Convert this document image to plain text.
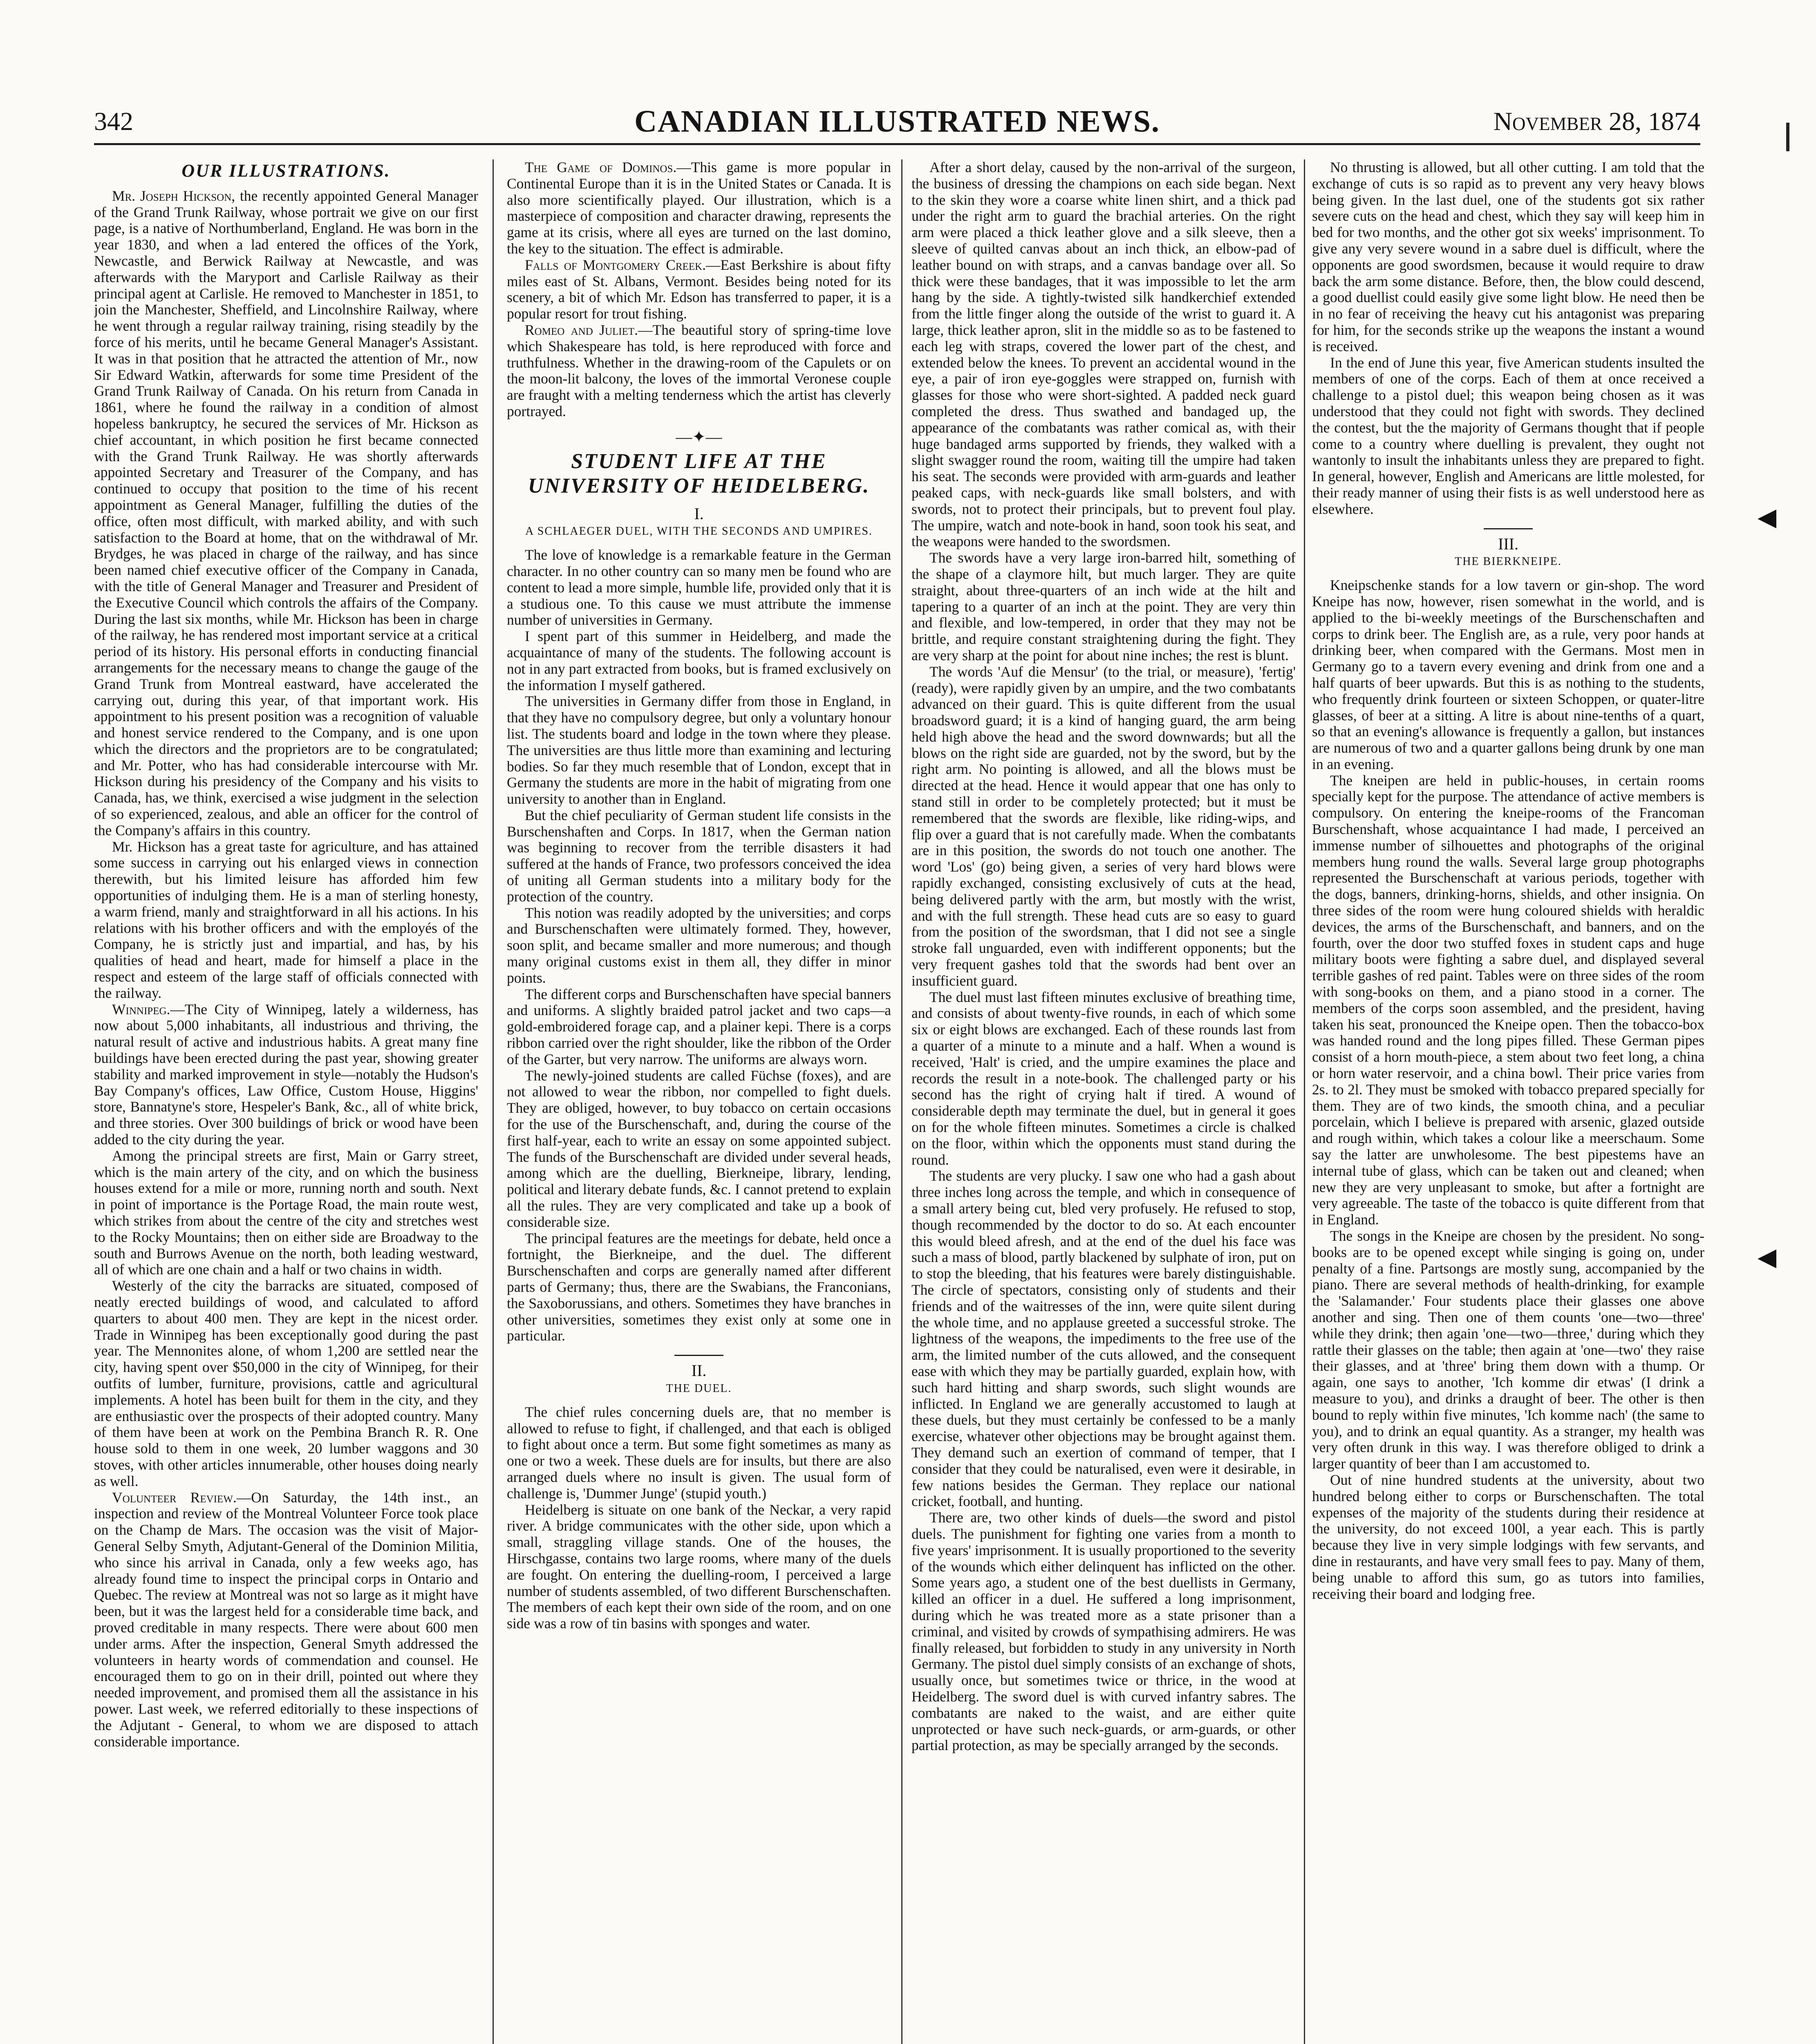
342	CANADIAN ILLUSTRATED NEWS.	November 28, 1874
OUR ILLUSTRATIONS.

Mr. Joseph Hickson, the recently appointed General Manager of the Grand Trunk Railway, whose portrait we give on our first page, is a native of Northumberland, England. He was born in the year 1830, and when a lad entered the offices of the York, Newcastle, and Berwick Railway at Newcastle, and was afterwards with the Maryport and Carlisle Railway as their principal agent at Carlisle. He removed to Manchester in 1851, to join the Manchester, Sheffield, and Lincolnshire Railway, where he went through a regular railway training, rising steadily by the force of his merits, until he became General Manager's Assistant. It was in that position that he attracted the attention of Mr., now Sir Edward Watkin, afterwards for some time President of the Grand Trunk Railway of Canada. On his return from Canada in 1861, where he found the railway in a condition of almost hopeless bankruptcy, he secured the services of Mr. Hickson as chief accountant, in which position he first became connected with the Grand Trunk Railway. He was shortly afterwards appointed Secretary and Treasurer of the Company, and has continued to occupy that position to the time of his recent appointment as General Manager, fulfilling the duties of the office, often most difficult, with marked ability, and with such satisfaction to the Board at home, that on the withdrawal of Mr. Brydges, he was placed in charge of the railway, and has since been named chief executive officer of the Company in Canada, with the title of General Manager and Treasurer and President of the Executive Council which controls the affairs of the Company. During the last six months, while Mr. Hickson has been in charge of the railway, he has rendered most important service at a critical period of its history. His personal efforts in conducting financial arrangements for the necessary means to change the gauge of the Grand Trunk from Montreal eastward, have accelerated the carrying out, during this year, of that important work. His appointment to his present position was a recognition of valuable and honest service rendered to the Company, and is one upon which the directors and the proprietors are to be congratulated; and Mr. Potter, who has had considerable intercourse with Mr. Hickson during his presidency of the Company and his visits to Canada, has, we think, exercised a wise judgment in the selection of so experienced, zealous, and able an officer for the control of the Company's affairs in this country.

Mr. Hickson has a great taste for agriculture, and has attained some success in carrying out his enlarged views in connection therewith, but his limited leisure has afforded him few opportunities of indulging them. He is a man of sterling honesty, a warm friend, manly and straightforward in all his actions. In his relations with his brother officers and with the employés of the Company, he is strictly just and impartial, and has, by his qualities of head and heart, made for himself a place in the respect and esteem of the large staff of officials connected with the railway.

Winnipeg.—The City of Winnipeg, lately a wilderness, has now about 5,000 inhabitants, all industrious and thriving, the natural result of active and industrious habits. A great many fine buildings have been erected during the past year, showing greater stability and marked improvement in style—notably the Hudson's Bay Company's offices, Law Office, Custom House, Higgins' store, Bannatyne's store, Hespeler's Bank, &c., all of white brick, and three stories. Over 300 buildings of brick or wood have been added to the city during the year.

Among the principal streets are first, Main or Garry street, which is the main artery of the city, and on which the business houses extend for a mile or more, running north and south. Next in point of importance is the Portage Road, the main route west, which strikes from about the centre of the city and stretches west to the Rocky Mountains; then on either side are Broadway to the south and Burrows Avenue on the north, both leading westward, all of which are one chain and a half or two chains in width.

Westerly of the city the barracks are situated, composed of neatly erected buildings of wood, and calculated to afford quarters to about 400 men. They are kept in the nicest order. Trade in Winnipeg has been exceptionally good during the past year. The Mennonites alone, of whom 1,200 are settled near the city, having spent over $50,000 in the city of Winnipeg, for their outfits of lumber, furniture, provisions, cattle and agricultural implements. A hotel has been built for them in the city, and they are enthusiastic over the prospects of their adopted country. Many of them have been at work on the Pembina Branch R. R. One house sold to them in one week, 20 lumber waggons and 30 stoves, with other articles innumerable, other houses doing nearly as well.

Volunteer Review.—On Saturday, the 14th inst., an inspection and review of the Montreal Volunteer Force took place on the Champ de Mars. The occasion was the visit of Major-General Selby Smyth, Adjutant-General of the Dominion Militia, who since his arrival in Canada, only a few weeks ago, has already found time to inspect the principal corps in Ontario and Quebec. The review at Montreal was not so large as it might have been, but it was the largest held for a considerable time back, and proved creditable in many respects. There were about 600 men under arms. After the inspection, General Smyth addressed the volunteers in hearty words of commendation and counsel. He encouraged them to go on in their drill, pointed out where they needed improvement, and promised them all the assistance in his power. Last week, we referred editorially to these inspections of the Adjutant - General, to whom we are disposed to attach considerable importance.

The Game of Dominos.—This game is more popular in Continental Europe than it is in the United States or Canada. It is also more scientifically played. Our illustration, which is a masterpiece of composition and character drawing, represents the game at its crisis, where all eyes are turned on the last domino, the key to the situation. The effect is admirable.

Falls of Montgomery Creek.—East Berkshire is about fifty miles east of St. Albans, Vermont. Besides being noted for its scenery, a bit of which Mr. Edson has transferred to paper, it is a popular resort for trout fishing.

Romeo and Juliet.—The beautiful story of spring-time love which Shakespeare has told, is here reproduced with force and truthfulness. Whether in the drawing-room of the Capulets or on the moon-lit balcony, the loves of the immortal Veronese couple are fraught with a melting tenderness which the artist has cleverly portrayed.

—✦—
STUDENT LIFE AT THE UNIVERSITY OF HEIDELBERG.
I.
A SCHLAEGER DUEL, WITH THE SECONDS AND UMPIRES.

The love of knowledge is a remarkable feature in the German character. In no other country can so many men be found who are content to lead a more simple, humble life, provided only that it is a studious one. To this cause we must attribute the immense number of universities in Germany.

I spent part of this summer in Heidelberg, and made the acquaintance of many of the students. The following account is not in any part extracted from books, but is framed exclusively on the information I myself gathered.

The universities in Germany differ from those in England, in that they have no compulsory degree, but only a voluntary honour list. The students board and lodge in the town where they please. The universities are thus little more than examining and lecturing bodies. So far they much resemble that of London, except that in Germany the students are more in the habit of migrating from one university to another than in England.

But the chief peculiarity of German student life consists in the Burschenshaften and Corps. In 1817, when the German nation was beginning to recover from the terrible disasters it had suffered at the hands of France, two professors conceived the idea of uniting all German students into a military body for the protection of the country.

This notion was readily adopted by the universities; and corps and Burschenschaften were ultimately formed. They, however, soon split, and became smaller and more numerous; and though many original customs exist in them all, they differ in minor points.

The different corps and Burschenschaften have special banners and uniforms. A slightly braided patrol jacket and two caps—a gold-embroidered forage cap, and a plainer kepi. There is a corps ribbon carried over the right shoulder, like the ribbon of the Order of the Garter, but very narrow. The uniforms are always worn.

The newly-joined students are called Füchse (foxes), and are not allowed to wear the ribbon, nor compelled to fight duels. They are obliged, however, to buy tobacco on certain occasions for the use of the Burschenschaft, and, during the course of the first half-year, each to write an essay on some appointed subject. The funds of the Burschenschaft are divided under several heads, among which are the duelling, Bierkneipe, library, lending, political and literary debate funds, &c. I cannot pretend to explain all the rules. They are very complicated and take up a book of considerable size.

The principal features are the meetings for debate, held once a fortnight, the Bierkneipe, and the duel. The different Burschenschaften and corps are generally named after different parts of Germany; thus, there are the Swabians, the Franconians, the Saxoborussians, and others. Sometimes they have branches in other universities, sometimes they exist only at some one in particular.

II.
THE DUEL.

The chief rules concerning duels are, that no member is allowed to refuse to fight, if challenged, and that each is obliged to fight about once a term. But some fight sometimes as many as one or two a week. These duels are for insults, but there are also arranged duels where no insult is given. The usual form of challenge is, 'Dummer Junge' (stupid youth.)

Heidelberg is situate on one bank of the Neckar, a very rapid river. A bridge communicates with the other side, upon which a small, straggling village stands. One of the houses, the Hirschgasse, contains two large rooms, where many of the duels are fought. On entering the duelling-room, I perceived a large number of students assembled, of two different Burschenschaften. The members of each kept their own side of the room, and on one side was a row of tin basins with sponges and water.

After a short delay, caused by the non-arrival of the surgeon, the business of dressing the champions on each side began. Next to the skin they wore a coarse white linen shirt, and a thick pad under the right arm to guard the brachial arteries. On the right arm were placed a thick leather glove and a silk sleeve, then a sleeve of quilted canvas about an inch thick, an elbow-pad of leather bound on with straps, and a canvas bandage over all. So thick were these bandages, that it was impossible to let the arm hang by the side. A tightly-twisted silk handkerchief extended from the little finger along the outside of the wrist to guard it. A large, thick leather apron, slit in the middle so as to be fastened to each leg with straps, covered the lower part of the chest, and extended below the knees. To prevent an accidental wound in the eye, a pair of iron eye-goggles were strapped on, furnish with glasses for those who were short-sighted. A padded neck guard completed the dress. Thus swathed and bandaged up, the appearance of the combatants was rather comical as, with their huge bandaged arms supported by friends, they walked with a slight swagger round the room, waiting till the umpire had taken his seat. The seconds were provided with arm-guards and leather peaked caps, with neck-guards like small bolsters, and with swords, not to protect their principals, but to prevent foul play. The umpire, watch and note-book in hand, soon took his seat, and the weapons were handed to the swordsmen.

The swords have a very large iron-barred hilt, something of the shape of a claymore hilt, but much larger. They are quite straight, about three-quarters of an inch wide at the hilt and tapering to a quarter of an inch at the point. They are very thin and flexible, and low-tempered, in order that they may not be brittle, and require constant straightening during the fight. They are very sharp at the point for about nine inches; the rest is blunt.

The words 'Auf die Mensur' (to the trial, or measure), 'fertig' (ready), were rapidly given by an umpire, and the two combatants advanced on their guard. This is quite different from the usual broadsword guard; it is a kind of hanging guard, the arm being held high above the head and the sword downwards; but all the blows on the right side are guarded, not by the sword, but by the right arm. No pointing is allowed, and all the blows must be directed at the head. Hence it would appear that one has only to stand still in order to be completely protected; but it must be remembered that the swords are flexible, like riding-wips, and flip over a guard that is not carefully made. When the combatants are in this position, the swords do not touch one another. The word 'Los' (go) being given, a series of very hard blows were rapidly exchanged, consisting exclusively of cuts at the head, being delivered partly with the arm, but mostly with the wrist, and with the full strength. These head cuts are so easy to guard from the position of the swordsman, that I did not see a single stroke fall unguarded, even with indifferent opponents; but the very frequent gashes told that the swords had bent over an insufficient guard.

The duel must last fifteen minutes exclusive of breathing time, and consists of about twenty-five rounds, in each of which some six or eight blows are exchanged. Each of these rounds last from a quarter of a minute to a minute and a half. When a wound is received, 'Halt' is cried, and the umpire examines the place and records the result in a note-book. The challenged party or his second has the right of crying halt if tired. A wound of considerable depth may terminate the duel, but in general it goes on for the whole fifteen minutes. Sometimes a circle is chalked on the floor, within which the opponents must stand during the round.

The students are very plucky. I saw one who had a gash about three inches long across the temple, and which in consequence of a small artery being cut, bled very profusely. He refused to stop, though recommended by the doctor to do so. At each encounter this would bleed afresh, and at the end of the duel his face was such a mass of blood, partly blackened by sulphate of iron, put on to stop the bleeding, that his features were barely distinguishable. The circle of spectators, consisting only of students and their friends and of the waitresses of the inn, were quite silent during the whole time, and no applause greeted a successful stroke. The lightness of the weapons, the impediments to the free use of the arm, the limited number of the cuts allowed, and the consequent ease with which they may be partially guarded, explain how, with such hard hitting and sharp swords, such slight wounds are inflicted. In England we are generally accustomed to laugh at these duels, but they must certainly be confessed to be a manly exercise, whatever other objections may be brought against them. They demand such an exertion of command of temper, that I consider that they could be naturalised, even were it desirable, in few nations besides the German. They replace our national cricket, football, and hunting.

There are, two other kinds of duels—the sword and pistol duels. The punishment for fighting one varies from a month to five years' imprisonment. It is usually proportioned to the severity of the wounds which either delinquent has inflicted on the other. Some years ago, a student one of the best duellists in Germany, killed an officer in a duel. He suffered a long imprisonment, during which he was treated more as a state prisoner than a criminal, and visited by crowds of sympathising admirers. He was finally released, but forbidden to study in any university in North Germany. The pistol duel simply consists of an exchange of shots, usually once, but sometimes twice or thrice, in the wood at Heidelberg. The sword duel is with curved infantry sabres. The combatants are naked to the waist, and are either quite unprotected or have such neck-guards, or arm-guards, or other partial protection, as may be specially arranged by the seconds.

No thrusting is allowed, but all other cutting. I am told that the exchange of cuts is so rapid as to prevent any very heavy blows being given. In the last duel, one of the students got six rather severe cuts on the head and chest, which they say will keep him in bed for two months, and the other got six weeks' imprisonment. To give any very severe wound in a sabre duel is difficult, where the opponents are good swordsmen, because it would require to draw back the arm some distance. Before, then, the blow could descend, a good duellist could easily give some light blow. He need then be in no fear of receiving the heavy cut his antagonist was preparing for him, for the seconds strike up the weapons the instant a wound is received.

In the end of June this year, five American students insulted the members of one of the corps. Each of them at once received a challenge to a pistol duel; this weapon being chosen as it was understood that they could not fight with swords. They declined the contest, but the the majority of Germans thought that if people come to a country where duelling is prevalent, they ought not wantonly to insult the inhabitants unless they are prepared to fight. In general, however, English and Americans are little molested, for their ready manner of using their fists is as well understood here as elsewhere.

III.
THE BIERKNEIPE.

Kneipschenke stands for a low tavern or gin-shop. The word Kneipe has now, however, risen somewhat in the world, and is applied to the bi-weekly meetings of the Burschenschaften and corps to drink beer. The English are, as a rule, very poor hands at drinking beer, when compared with the Germans. Most men in Germany go to a tavern every evening and drink from one and a half quarts of beer upwards. But this is as nothing to the students, who frequently drink fourteen or sixteen Schoppen, or quater-litre glasses, of beer at a sitting. A litre is about nine-tenths of a quart, so that an evening's allowance is frequently a gallon, but instances are numerous of two and a quarter gallons being drunk by one man in an evening.

The kneipen are held in public-houses, in certain rooms specially kept for the purpose. The attendance of active members is compulsory. On entering the kneipe-rooms of the Francoman Burschenshaft, whose acquaintance I had made, I perceived an immense number of silhouettes and photographs of the original members hung round the walls. Several large group photographs represented the Burschenschaft at various periods, together with the dogs, banners, drinking-horns, shields, and other insignia. On three sides of the room were hung coloured shields with heraldic devices, the arms of the Burschenschaft, and banners, and on the fourth, over the door two stuffed foxes in student caps and huge military boots were fighting a sabre duel, and displayed several terrible gashes of red paint. Tables were on three sides of the room with song-books on them, and a piano stood in a corner. The members of the corps soon assembled, and the president, having taken his seat, pronounced the Kneipe open. Then the tobacco-box was handed round and the long pipes filled. These German pipes consist of a horn mouth-piece, a stem about two feet long, a china or horn water reservoir, and a china bowl. Their price varies from 2s. to 2l. They must be smoked with tobacco prepared specially for them. They are of two kinds, the smooth china, and a peculiar porcelain, which I believe is prepared with arsenic, glazed outside and rough within, which takes a colour like a meerschaum. Some say the latter are unwholesome. The best pipestems have an internal tube of glass, which can be taken out and cleaned; when new they are very unpleasant to smoke, but after a fortnight are very agreeable. The taste of the tobacco is quite different from that in England.

The songs in the Kneipe are chosen by the president. No song-books are to be opened except while singing is going on, under penalty of a fine. Partsongs are mostly sung, accompanied by the piano. There are several methods of health-drinking, for example the 'Salamander.' Four students place their glasses one above another and sing. Then one of them counts 'one—two—three' while they drink; then again 'one—two—three,' during which they rattle their glasses on the table; then again at 'one—two' they raise their glasses, and at 'three' bring them down with a thump. Or again, one says to another, 'Ich komme dir etwas' (I drink a measure to you), and drinks a draught of beer. The other is then bound to reply within five minutes, 'Ich komme nach' (the same to you), and to drink an equal quantity. As a stranger, my health was very often drunk in this way. I was therefore obliged to drink a larger quantity of beer than I am accustomed to.

Out of nine hundred students at the university, about two hundred belong either to corps or Burschenschaften. The total expenses of the majority of the students during their residence at the university, do not exceed 100l, a year each. This is partly because they live in very simple lodgings with few servants, and dine in restaurants, and have very small fees to pay. Many of them, being unable to afford this sum, go as tutors into families, receiving their board and lodging free.

◀
◀
